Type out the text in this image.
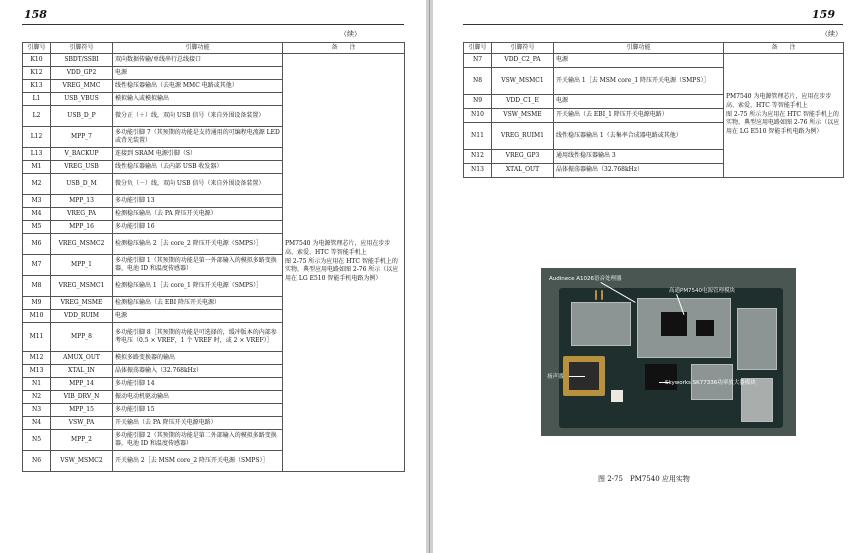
158
（续）
引脚号	引脚符号	引脚功能	备　　注
K10	SBDT/SSBI	双向数据传输/单线串行总线接口	PM7540 为电源管理芯片，应用在步步高、索爱、HTC 等智能手机上
图 2-75 所示为应用在 HTC 智能手机上的实物，典型应用电路如图 2-76 所示（以应用在 LG E510 智能手机电路为例）
K12	VDD_GP2	电源	
K13	VREG_MMC	线性稳压器输出（去电源 MMC 电路或其他）	
L1	USB_VBUS	模拟输入或模拟输出	
L2	USB_D_P	微分正（＋）线，双向 USB 信号（来自外围设备装置）	
L12	MPP_7	多功能引脚 7（其预期的功能是支持通用的可编程电流源 LED 或背光装置）	
L13	V_BACKUP	连接到 SRAM 电源引脚（S）	
M1	VREG_USB	线性稳压器输出（去内部 USB 收发器）	
M2	USB_D_M	微分负（－）线，双向 USB 信号（来自外围设备装置）	
M3	MPP_13	多功能引脚 13	
M4	VREG_PA	检测稳压输出（去 PA 降压开关电源）	
M5	MPP_16	多功能引脚 16	
M6	VREG_MSMC2	检测稳压输出 2［去 core_2 降压开关电源（SMPS）］	
M7	MPP_1	多功能引脚 1（其预期的功能是第一外部输入的模拟多路变换器，电池 ID 和温度传感器）	
M8	VREG_MSMC1	检测稳压输出 1［去 core_1 降压开关电源（SMPS）］	
M9	VREG_MSME	检测稳压输出（去 EBI 降压开关电源）	
M10	VDD_RUIM	电源	
M11	MPP_8	多功能引脚 8［其预期的功能是可选择的，缓冲版本的内部参考电压（0.5 × VREF，1 个 VREF 时，或 2 × VREF）］	
M12	AMUX_OUT	模拟多路变换器的输出	
M13	XTAL_IN	晶体振荡器输入（32.768kHz）	
N1	MPP_14	多功能引脚 14	
N2	VIB_DRV_N	振动电动机驱动输出	
N3	MPP_15	多功能引脚 15	
N4	VSW_PA	开关输出（去 PA 降压开关电源电路）	
N5	MPP_2	多功能引脚 2（其预期的功能是第二外部输入的模拟多路变换器，电池 ID 和温度传感器）	
N6	VSW_MSMC2	开关输出 2［去 MSM core_2 降压开关电源（SMPS）］	
159
（续）
引脚号	引脚符号	引脚功能	备　　注
N7	VDD_C2_PA	电源	PM7540 为电源管理芯片，应用在步步高、索爱、HTC 等智能手机上
图 2-75 所示为应用在 HTC 智能手机上的实物，典型应用电路如图 2-76 所示（以应用在 LG E510 智能手机电路为例）
N8	VSW_MSMC1	开关输出 1［去 MSM core_1 降压开关电源（SMPS）］	
N9	VDD_C1_E	电源	
N10	VSW_MSME	开关输出（去 EBI_1 降压开关电源电路）	
N11	VREG_RUIM1	线性稳压器输出 1（去集率合成器电路或其他）	
N12	VREG_GP3	通用线性稳压器输出 3	
N13	XTAL_OUT	晶体振荡器输出（32.768kHz）	
Audinece A1026语音处理器
高通PM7540电源管理模块
扬声器
Skyworks SK77336功率放大器模块
图 2-75　PM7540 应用实物
